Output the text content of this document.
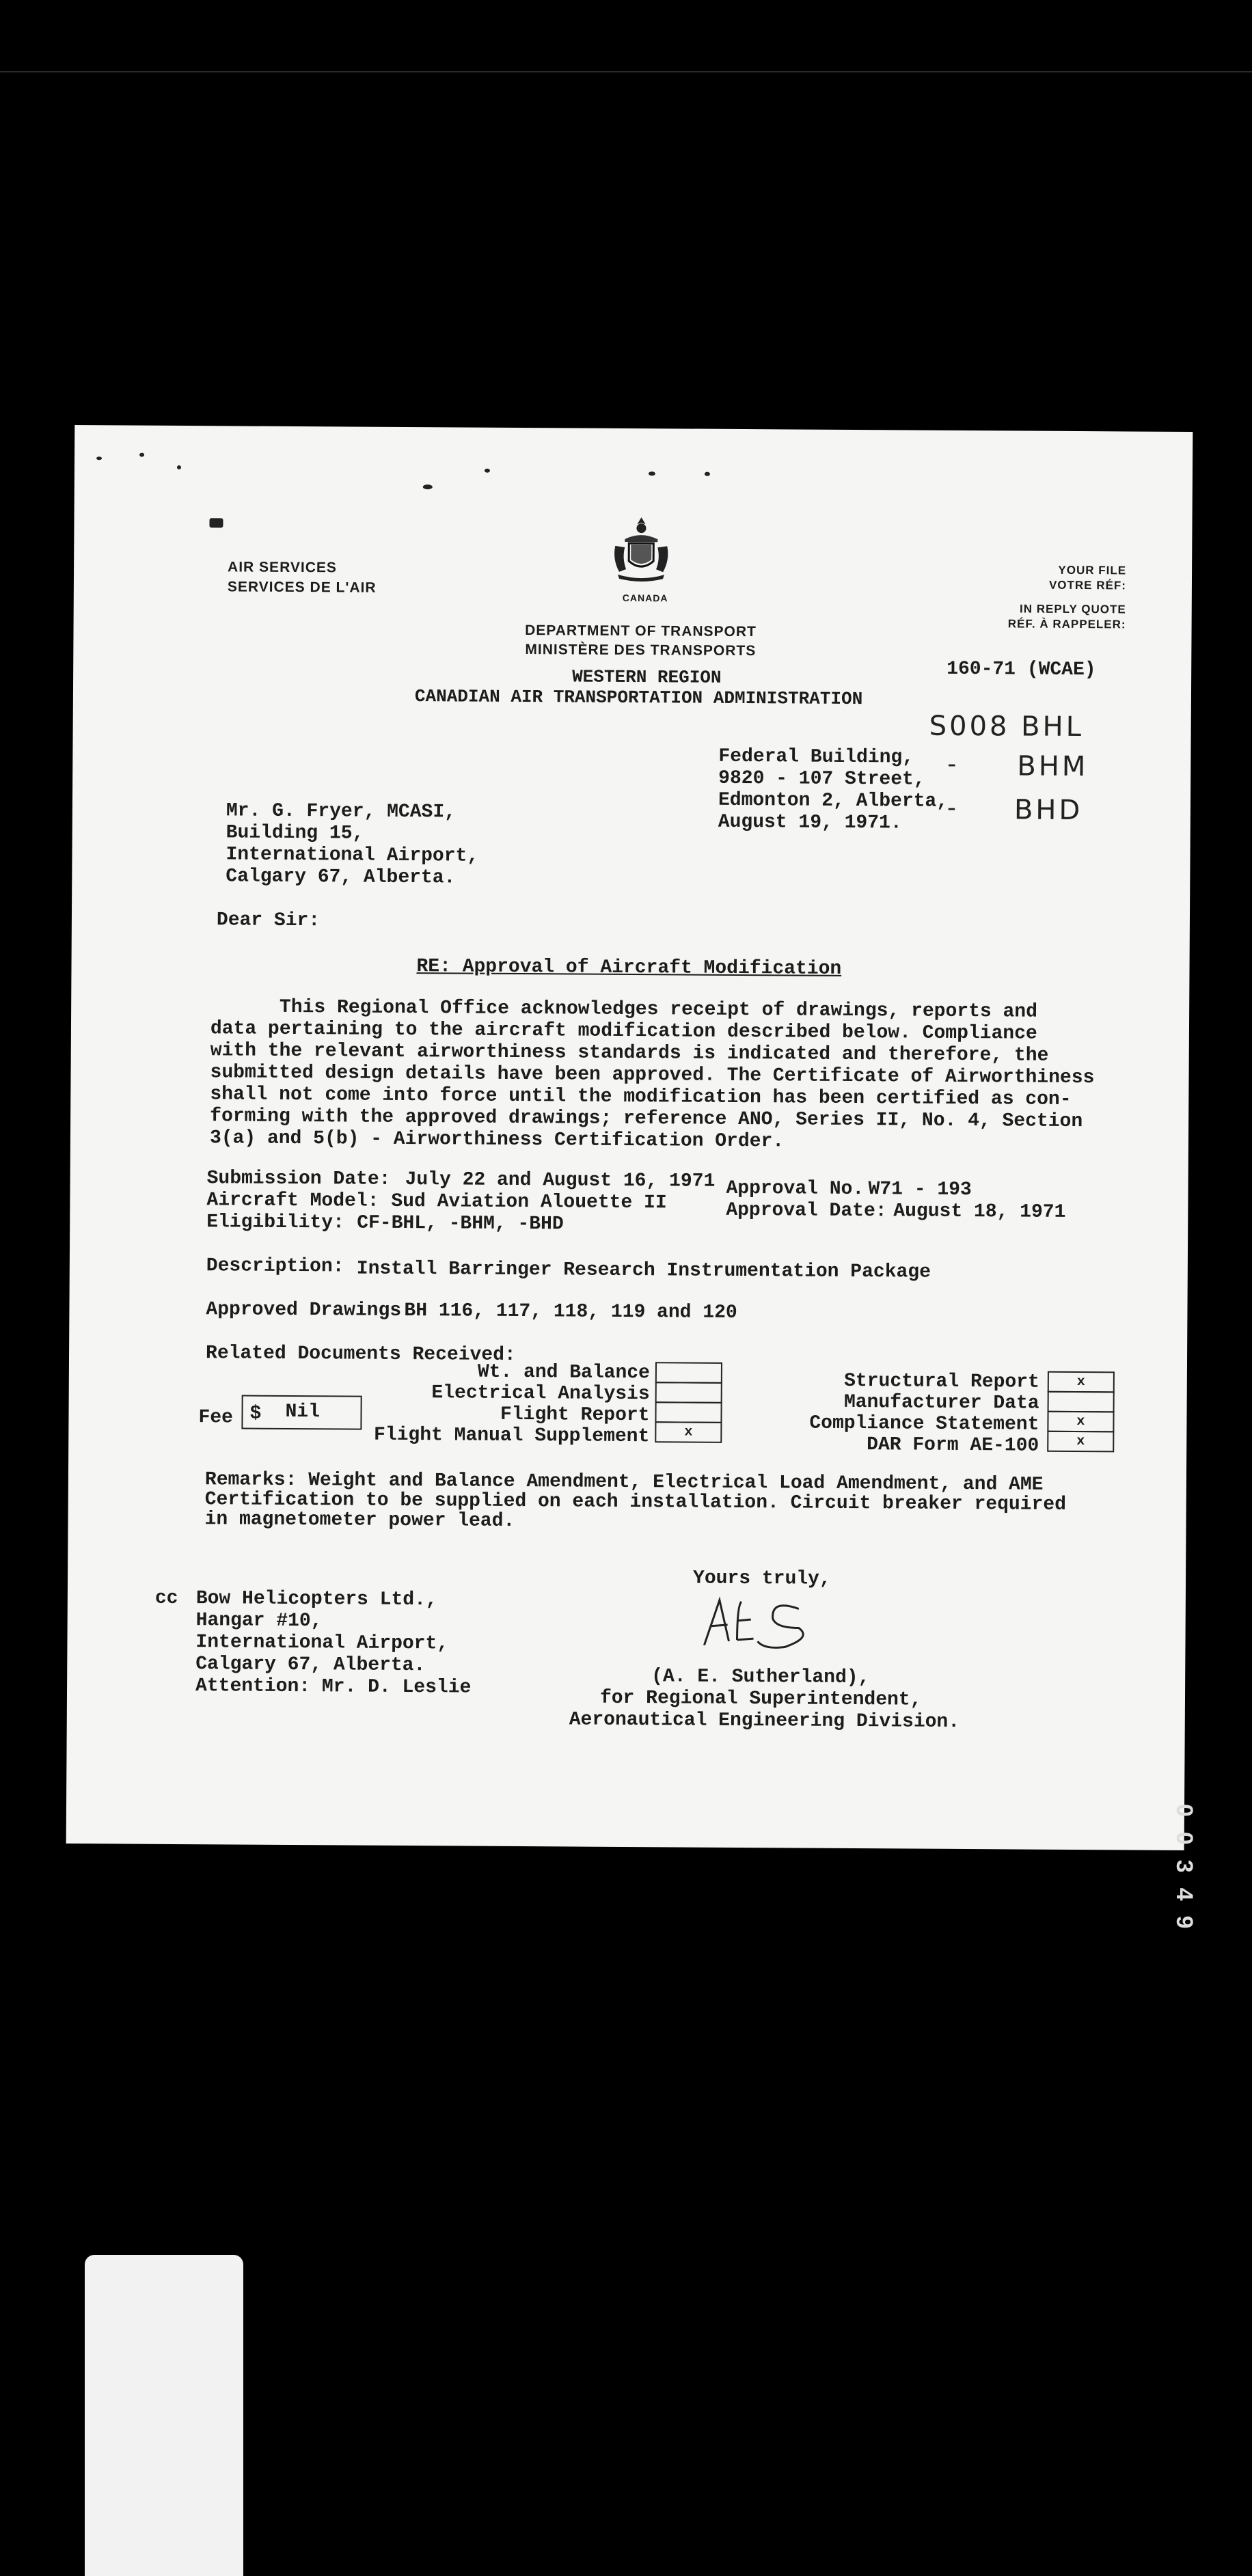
AIR SERVICES
SERVICES DE L'AIR
CANADA
DEPARTMENT OF TRANSPORT
MINISTÈRE DES TRANSPORTS
WESTERN REGION
CANADIAN AIR TRANSPORTATION ADMINISTRATION
YOUR FILE
VOTRE RÉF:
IN REPLY QUOTE
RÉF. À RAPPELER:
160-71 (WCAE)
S008 BHL
- BHM
- BHD
Federal Building,
9820 - 107 Street,
Edmonton 2, Alberta,
August 19, 1971.
Mr. G. Fryer, MCASI,
Building 15,
International Airport,
Calgary 67, Alberta.
Dear Sir:
RE: Approval of Aircraft Modification
This Regional Office acknowledges receipt of drawings, reports and
data pertaining to the aircraft modification described below. Compliance
with the relevant airworthiness standards is indicated and therefore, the
submitted design details have been approved. The Certificate of Airworthiness
shall not come into force until the modification has been certified as con-
forming with the approved drawings; reference ANO, Series II, No. 4, Section
3(a) and 5(b) - Airworthiness Certification Order.
Submission Date: July 22 and August 16, 1971
Aircraft Model: Sud Aviation Alouette II
Eligibility: CF-BHL, -BHM, -BHD
Approval No. W71 - 193
Approval Date: August 18, 1971
Description: Install Barringer Research Instrumentation Package
Approved Drawings:
BH 116, 117, 118, 119 and 120
Related Documents Received:
Fee $ Nil
Wt. and Balance
Electrical Analysis
Flight Report
Flight Manual Supplement	x
Structural Report
Manufacturer Data
Compliance Statement
DAR Form AE-100
x
x
x
Remarks: Weight and Balance Amendment, Electrical Load Amendment, and AME
Certification to be supplied on each installation. Circuit breaker required
in magnetometer power lead.
Yours truly,
cc Bow Helicopters Ltd.,
Hangar #10,
International Airport,
Calgary 67, Alberta.
Attention: Mr. D. Leslie	(A. E. Sutherland),
for Regional Superintendent,
Aeronautical Engineering Division.
00349
